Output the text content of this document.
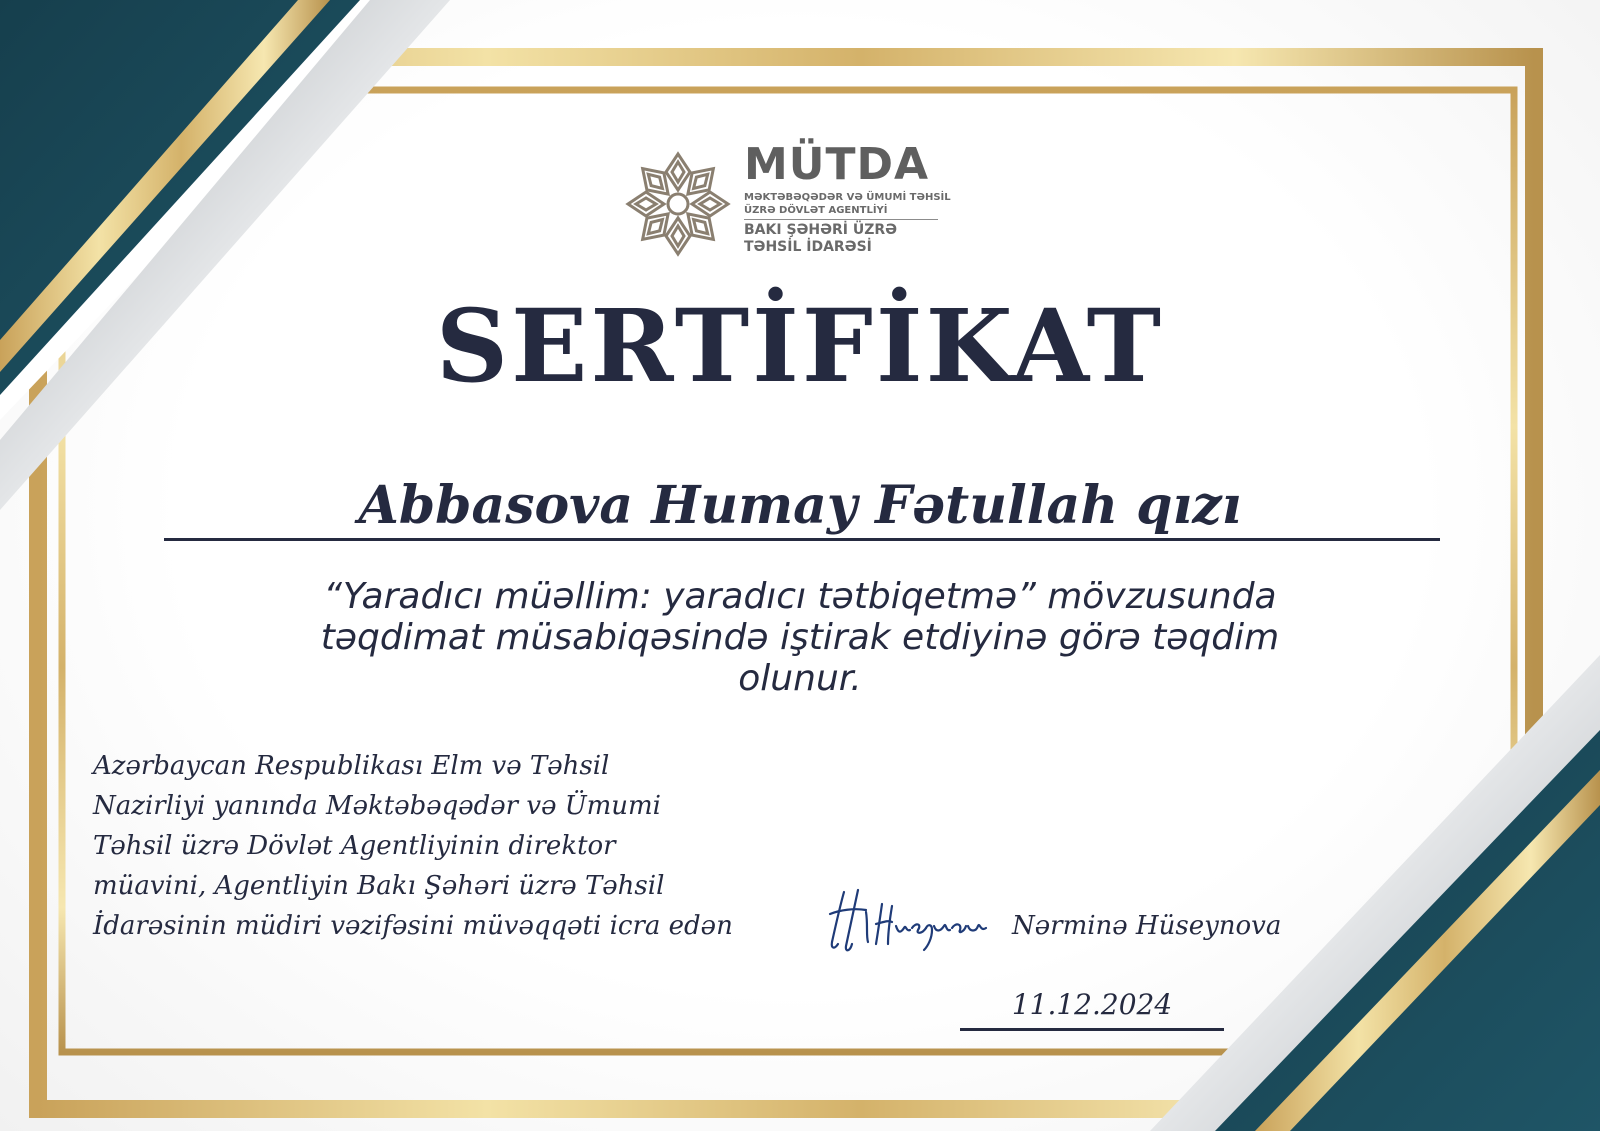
MÜTDA
MƏKTƏBƏQƏDƏR VƏ ÜMUMİ TƏHSİL
ÜZRƏ DÖVLƏT AGENTLİYİ
BAKI ŞƏHƏRİ ÜZRƏ
TƏHSİL İDARƏSİ
SERTİFİKAT
Abbasova Humay Fətullah qızı
“Yaradıcı müəllim: yaradıcı tətbiqetmə” mövzusunda
təqdimat müsabiqəsində iştirak etdiyinə görə təqdim
olunur.
Azərbaycan Respublikası Elm və Təhsil
Nazirliyi yanında Məktəbəqədər və Ümumi
Təhsil üzrə Dövlət Agentliyinin direktor
müavini, Agentliyin Bakı Şəhəri üzrə Təhsil
İdarəsinin müdiri vəzifəsini müvəqqəti icra edən	Nərminə Hüseynova
11.12.2024
